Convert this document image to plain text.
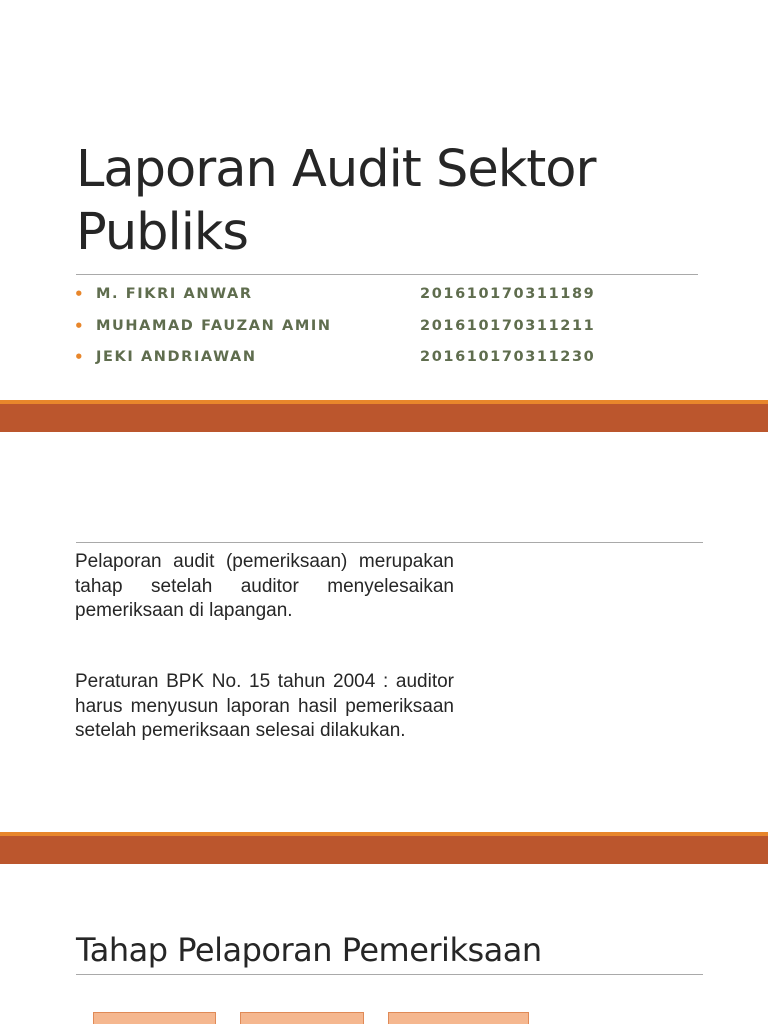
Laporan Audit Sektor Publiks
• M. FIKRI ANWAR	201610170311189
• MUHAMAD FAUZAN AMIN	201610170311211
• JEKI ANDRIAWAN	201610170311230

Pelaporan audit (pemeriksaan) merupakan tahap setelah auditor menyelesaikan pemeriksaan di lapangan.

Peraturan BPK No. 15 tahun 2004 : auditor harus menyusun laporan hasil pemeriksaan setelah pemeriksaan selesai dilakukan.

Tahap Pelaporan Pemeriksaan
